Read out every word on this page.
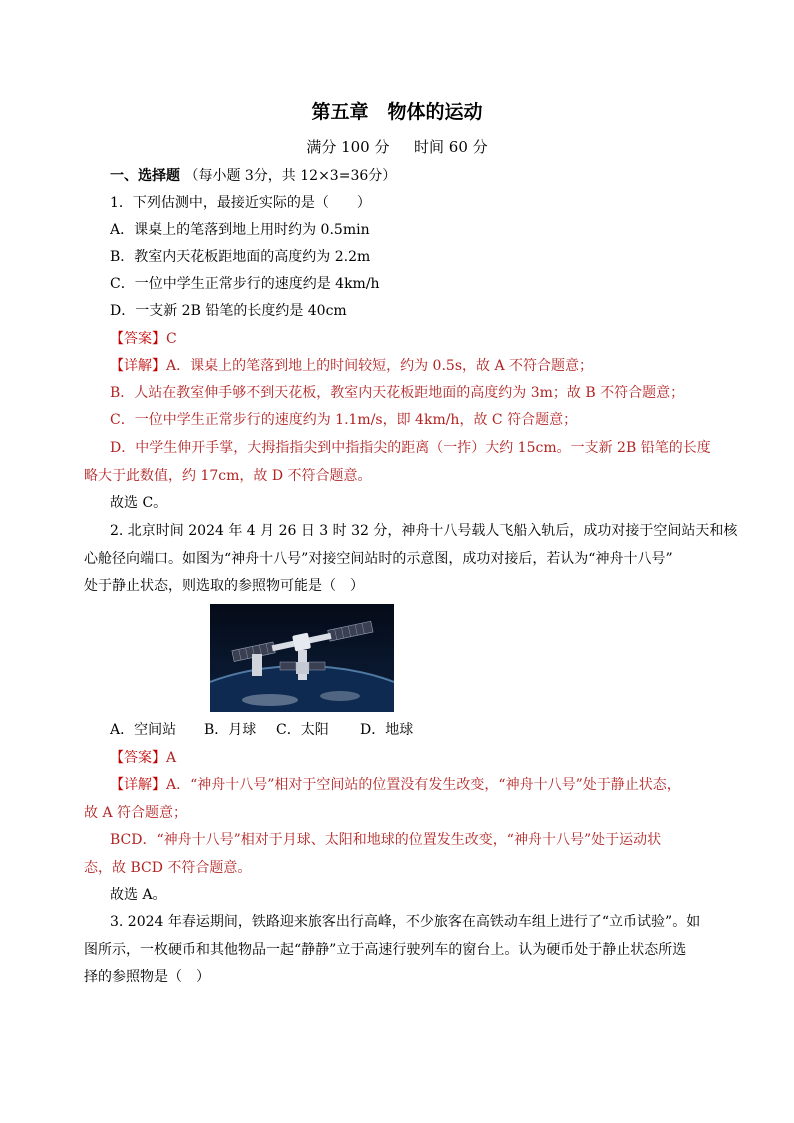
第五章　物体的运动
满分 100 分　  时间 60 分
一、选择题 （每小题 3分，共 12×3=36分）
1．下列估测中，最接近实际的是（　　）
A．课桌上的笔落到地上用时约为 0.5min
B．教室内天花板距地面的高度约为 2.2m
C．一位中学生正常步行的速度约是 4km/h
D．一支新 2B 铅笔的长度约是 40cm
【答案】C
【详解】A．课桌上的笔落到地上的时间较短，约为 0.5s，故 A 不符合题意；
B．人站在教室伸手够不到天花板，教室内天花板距地面的高度约为 3m；故 B 不符合题意；
C．一位中学生正常步行的速度约为 1.1m/s，即 4km/h，故 C 符合题意；
D．中学生伸开手掌，大拇指指尖到中指指尖的距离（一拃）大约 15cm。一支新 2B 铅笔的长度
略大于此数值，约 17cm，故 D 不符合题意。
故选 C。
2. 北京时间 2024 年 4 月 26 日 3 时 32 分，神舟十八号载人飞船入轨后，成功对接于空间站天和核
心舱径向端口。如图为“神舟十八号”对接空间站时的示意图，成功对接后，若认为“神舟十八号”
处于静止状态，则选取的参照物可能是（　）
A．空间站 B．月球 C．太阳 D．地球
【答案】A
【详解】A．“神舟十八号”相对于空间站的位置没有发生改变，“神舟十八号”处于静止状态，
故 A 符合题意；
BCD．“神舟十八号”相对于月球、太阳和地球的位置发生改变，“神舟十八号”处于运动状
态，故 BCD 不符合题意。
故选 A。
3. 2024 年春运期间，铁路迎来旅客出行高峰，不少旅客在高铁动车组上进行了“立币试验”。如
图所示，一枚硬币和其他物品一起“静静”立于高速行驶列车的窗台上。认为硬币处于静止状态所选
择的参照物是（　）
